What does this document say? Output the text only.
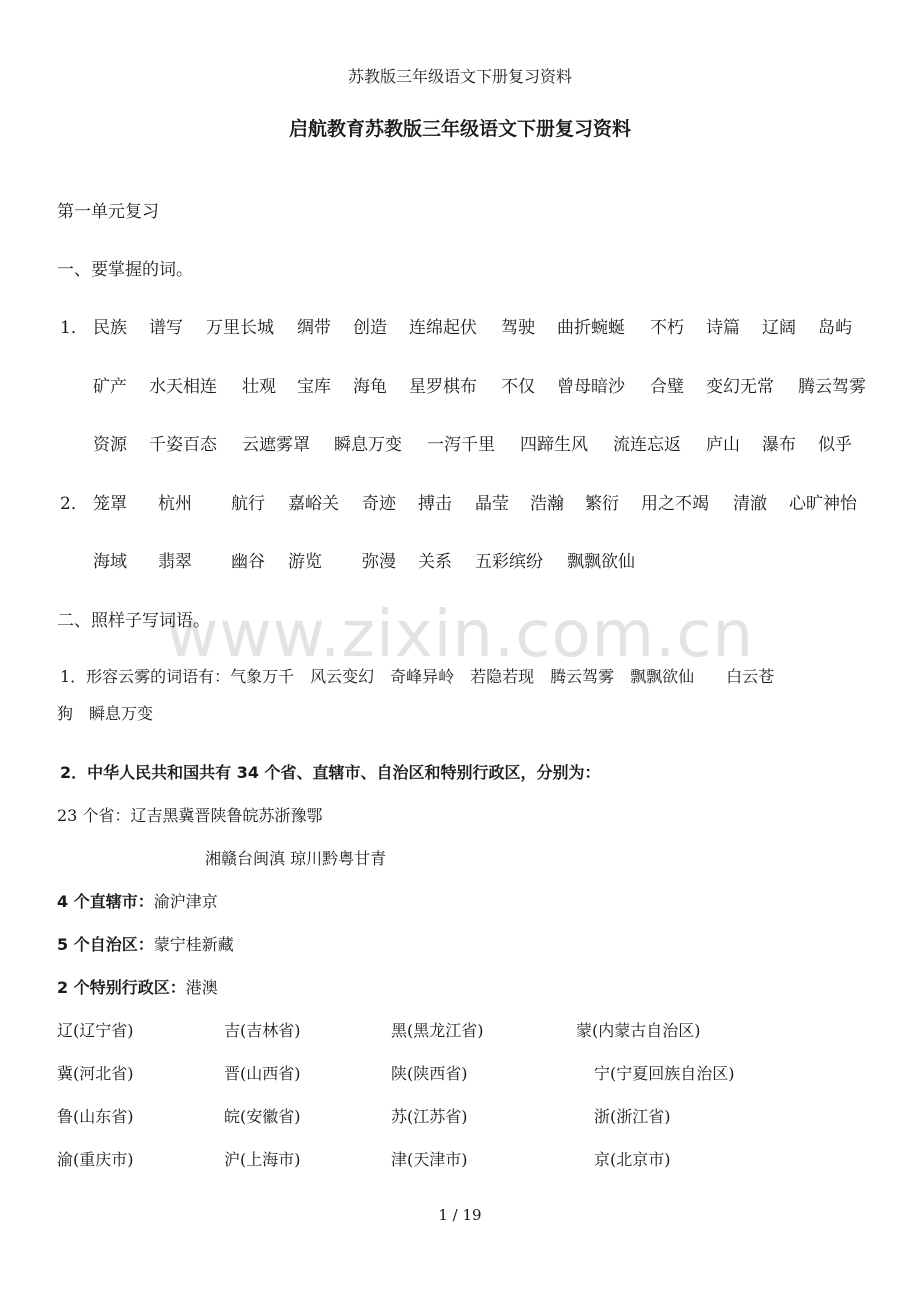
www.zixin.com.cn
苏教版三年级语文下册复习资料
启航教育苏教版三年级语文下册复习资料
第一单元复习
一、要掌握的词。
1． 民族 谱写 万里长城 绸带 创造 连绵起伏 驾驶 曲折蜿蜒 不朽 诗篇 辽阔 岛屿
矿产 水天相连 壮观 宝库 海龟 星罗棋布 不仅 曾母暗沙 合璧 变幻无常 腾云驾雾
资源 千姿百态 云遮雾罩 瞬息万变 一泻千里 四蹄生风 流连忘返 庐山 瀑布 似乎
2． 笼罩 杭州 航行 嘉峪关 奇迹 搏击 晶莹 浩瀚 繁衍 用之不竭 清澈 心旷神怡
海域 翡翠 幽谷 游览 弥漫 关系 五彩缤纷 飘飘欲仙
二、照样子写词语。
1．形容云雾的词语有：气象万千　风云变幻　奇峰异岭　若隐若现　腾云驾雾　飘飘欲仙　　白云苍
狗　瞬息万变
2．中华人民共和国共有 34 个省、直辖市、自治区和特别行政区，分别为：
23 个省：辽吉黑冀晋陕鲁皖苏浙豫鄂
湘赣台闽滇 琼川黔粤甘青
4 个直辖市：渝沪津京
5 个自治区：蒙宁桂新藏
2 个特别行政区：港澳
辽(辽宁省)	吉(吉林省)	黑(黑龙江省)	蒙(内蒙古自治区)
冀(河北省)	晋(山西省)	陕(陕西省)	宁(宁夏回族自治区)
鲁(山东省)	皖(安徽省)	苏(江苏省)	浙(浙江省)
渝(重庆市)	沪(上海市)	津(天津市)	京(北京市)
1 / 19
